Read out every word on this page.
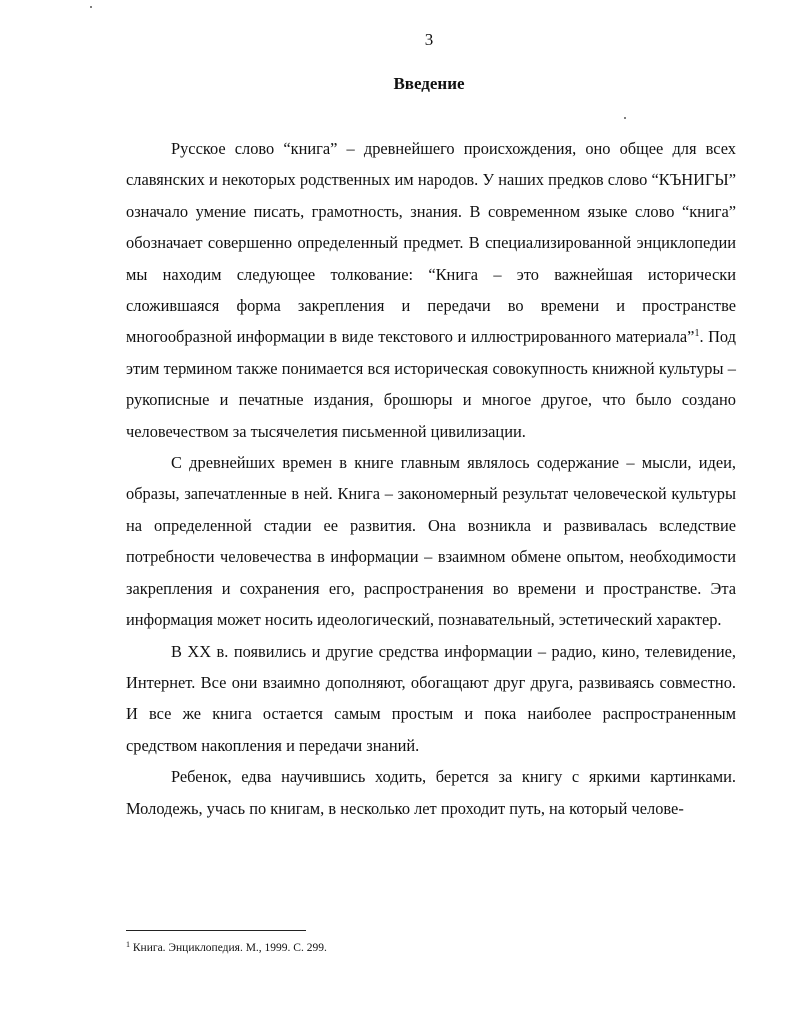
3
Введение

Русское слово “книга” – древнейшего происхождения, оно общее для всех славянских и некоторых родственных им народов. У наших предков слово “КЪНИГЫ” означало умение писать, грамотность, знания. В современном языке слово “книга” обозначает совершенно определенный предмет. В специализированной энциклопедии мы находим следующее толкование: “Книга – это важнейшая исторически сложившаяся форма закрепления и передачи во времени и пространстве многообразной информации в виде текстового и иллюстрированного материала”$^1$. Под этим термином также понимается вся историческая совокупность книжной культуры – рукописные и печатные издания, брошюры и многое другое, что было создано человечеством за тысячелетия письменной цивилизации.

С древнейших времен в книге главным являлось содержание – мысли, идеи, образы, запечатленные в ней. Книга – закономерный результат человеческой культуры на определенной стадии ее развития. Она возникла и развивалась вследствие потребности человечества в информации – взаимном обмене опытом, необходимости закрепления и сохранения его, распространения во времени и пространстве. Эта информация может носить идеологический, познавательный, эстетический характер.

В XX в. появились и другие средства информации – радио, кино, телевидение, Интернет. Все они взаимно дополняют, обогащают друг друга, развиваясь совместно. И все же книга остается самым простым и пока наиболее распространенным средством накопления и передачи знаний.

Ребенок, едва научившись ходить, берется за книгу с яркими картинками. Молодежь, учась по книгам, в несколько лет проходит путь, на который челове-

$^1$ Книга. Энциклопедия. М., 1999. С. 299.
